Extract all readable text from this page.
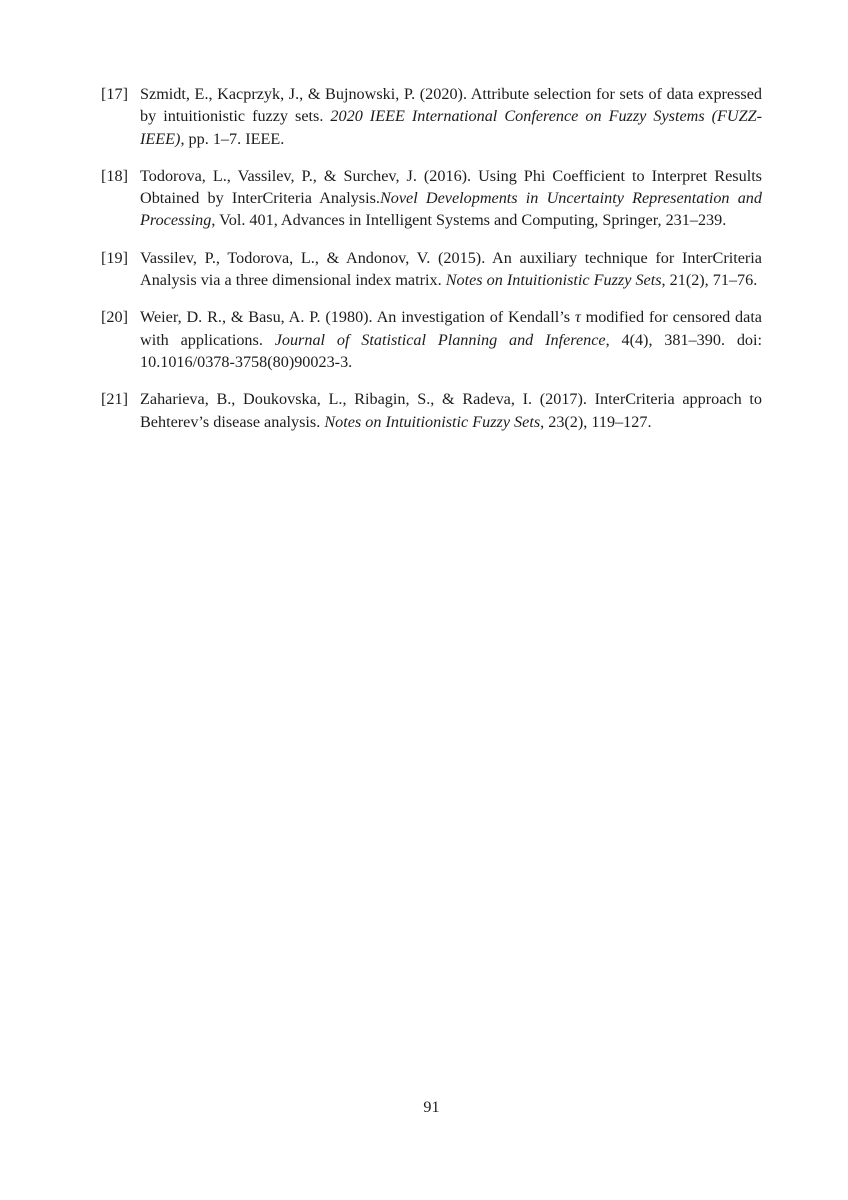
[17] Szmidt, E., Kacprzyk, J., & Bujnowski, P. (2020). Attribute selection for sets of data expressed by intuitionistic fuzzy sets. 2020 IEEE International Conference on Fuzzy Systems (FUZZ-IEEE), pp. 1–7. IEEE.
[18] Todorova, L., Vassilev, P., & Surchev, J. (2016). Using Phi Coefficient to Interpret Results Obtained by InterCriteria Analysis.Novel Developments in Uncertainty Representation and Processing, Vol. 401, Advances in Intelligent Systems and Computing, Springer, 231–239.
[19] Vassilev, P., Todorova, L., & Andonov, V. (2015). An auxiliary technique for InterCriteria Analysis via a three dimensional index matrix. Notes on Intuitionistic Fuzzy Sets, 21(2), 71–76.
[20] Weier, D. R., & Basu, A. P. (1980). An investigation of Kendall’s τ modified for censored data with applications. Journal of Statistical Planning and Inference, 4(4), 381–390. doi: 10.1016/0378-3758(80)90023-3.
[21] Zaharieva, B., Doukovska, L., Ribagin, S., & Radeva, I. (2017). InterCriteria approach to Behterev’s disease analysis. Notes on Intuitionistic Fuzzy Sets, 23(2), 119–127.
91
